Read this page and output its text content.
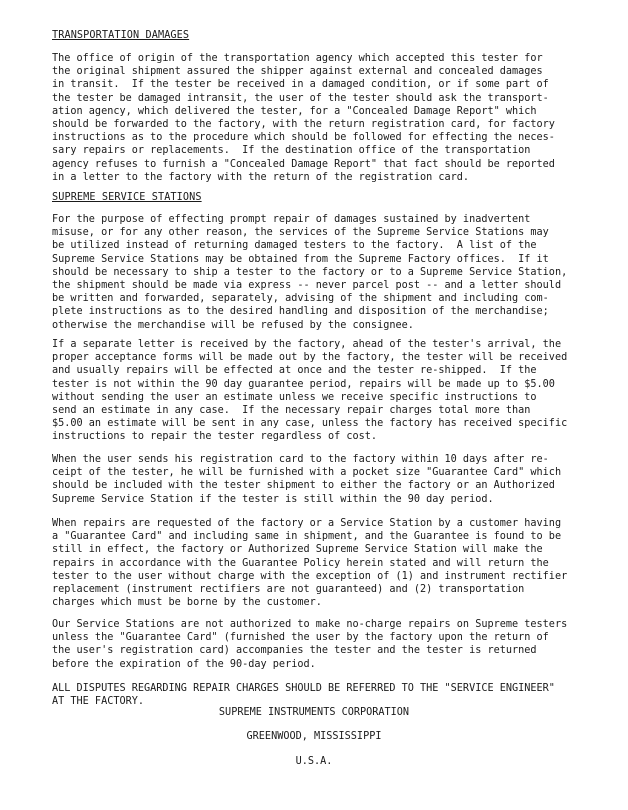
TRANSPORTATION DAMAGES

The office of origin of the transportation agency which accepted this tester for
the original shipment assured the shipper against external and concealed damages
in transit.  If the tester be received in a damaged condition, or if some part of
the tester be damaged intransit, the user of the tester should ask the transport-
ation agency, which delivered the tester, for a "Concealed Damage Report" which
should be forwarded to the factory, with the return registration card, for factory
instructions as to the procedure which should be followed for effecting the neces-
sary repairs or replacements.  If the destination office of the transportation
agency refuses to furnish a "Concealed Damage Report" that fact should be reported
in a letter to the factory with the return of the registration card.

SUPREME SERVICE STATIONS

For the purpose of effecting prompt repair of damages sustained by inadvertent
misuse, or for any other reason, the services of the Supreme Service Stations may
be utilized instead of returning damaged testers to the factory.  A list of the
Supreme Service Stations may be obtained from the Supreme Factory offices.  If it
should be necessary to ship a tester to the factory or to a Supreme Service Station,
the shipment should be made via express -- never parcel post -- and a letter should
be written and forwarded, separately, advising of the shipment and including com-
plete instructions as to the desired handling and disposition of the merchandise;
otherwise the merchandise will be refused by the consignee.

If a separate letter is received by the factory, ahead of the tester's arrival, the
proper acceptance forms will be made out by the factory, the tester will be received
and usually repairs will be effected at once and the tester re-shipped.  If the
tester is not within the 90 day guarantee period, repairs will be made up to $5.00
without sending the user an estimate unless we receive specific instructions to
send an estimate in any case.  If the necessary repair charges total more than
$5.00 an estimate will be sent in any case, unless the factory has received specific
instructions to repair the tester regardless of cost.

When the user sends his registration card to the factory within 10 days after re-
ceipt of the tester, he will be furnished with a pocket size "Guarantee Card" which
should be included with the tester shipment to either the factory or an Authorized
Supreme Service Station if the tester is still within the 90 day period.

When repairs are requested of the factory or a Service Station by a customer having
a "Guarantee Card" and including same in shipment, and the Guarantee is found to be
still in effect, the factory or Authorized Supreme Service Station will make the
repairs in accordance with the Guarantee Policy herein stated and will return the
tester to the user without charge with the exception of (1) and instrument rectifier
replacement (instrument rectifiers are not guaranteed) and (2) transportation
charges which must be borne by the customer.

Our Service Stations are not authorized to make no-charge repairs on Supreme testers
unless the "Guarantee Card" (furnished the user by the factory upon the return of
the user's registration card) accompanies the tester and the tester is returned
before the expiration of the 90-day period.

ALL DISPUTES REGARDING REPAIR CHARGES SHOULD BE REFERRED TO THE "SERVICE ENGINEER"
AT THE FACTORY.

SUPREME INSTRUMENTS CORPORATION
GREENWOOD, MISSISSIPPI
U.S.A.
